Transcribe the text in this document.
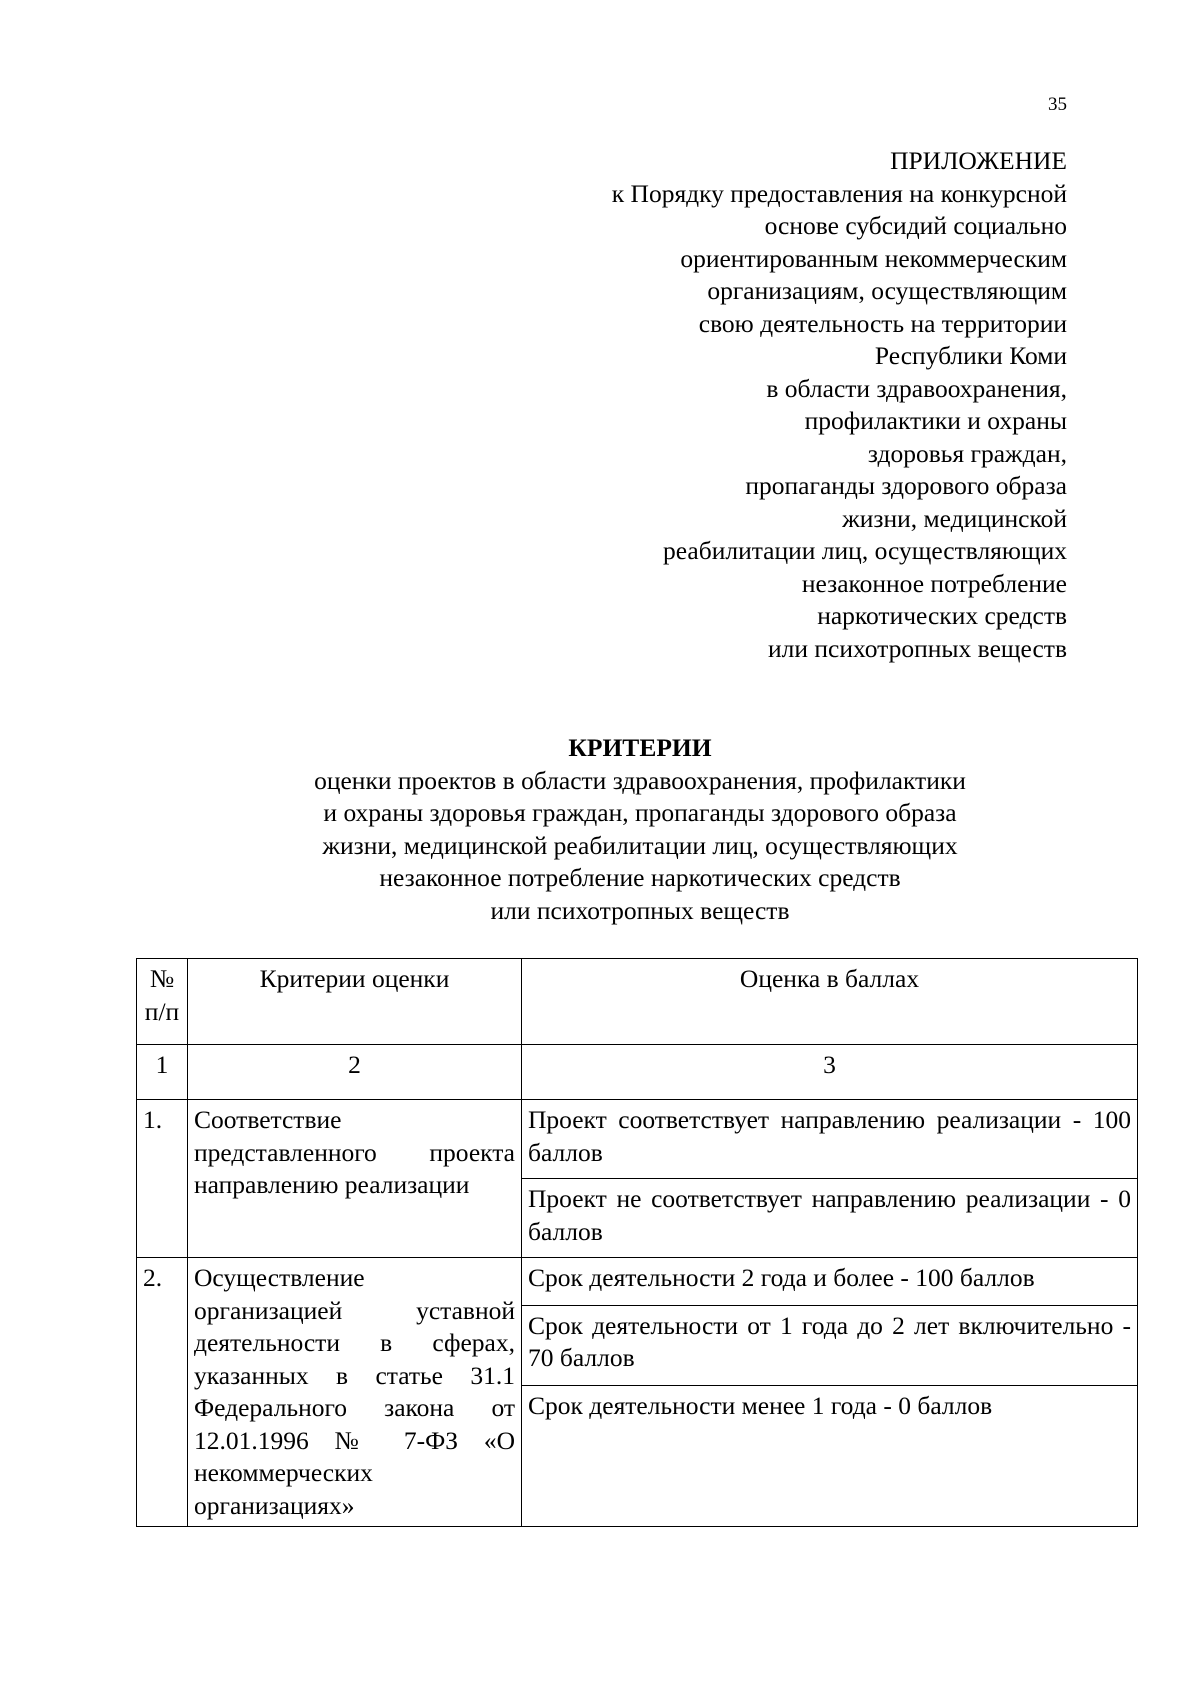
35
ПРИЛОЖЕНИЕ
к Порядку предоставления на конкурсной
основе субсидий социально
ориентированным некоммерческим
организациям, осуществляющим
свою деятельность на территории
Республики Коми
в области здравоохранения,
профилактики и охраны
здоровья граждан,
пропаганды здорового образа
жизни, медицинской
реабилитации лиц, осуществляющих
незаконное потребление
наркотических средств
или психотропных веществ
КРИТЕРИИ
оценки проектов в области здравоохранения, профилактики
и охраны здоровья граждан, пропаганды здорового образа
жизни, медицинской реабилитации лиц, осуществляющих
незаконное потребление наркотических средств
или психотропных веществ
№ п/п	Критерии оценки	Оценка в баллах
1	2	3
1.	Соответствие представленного проекта направлению реализации	Проект соответствует направлению реализации - 100 баллов
		Проект не соответствует направлению реализации - 0 баллов
2.	Осуществление организацией уставной деятельности в сферах, указанных в статье 31.1 Федерального закона от 12.01.1996 № 7-ФЗ «О некоммерческих организациях»	Срок деятельности 2 года и более - 100 баллов
		Срок деятельности от 1 года до 2 лет включительно - 70 баллов
		Срок деятельности менее 1 года - 0 баллов
